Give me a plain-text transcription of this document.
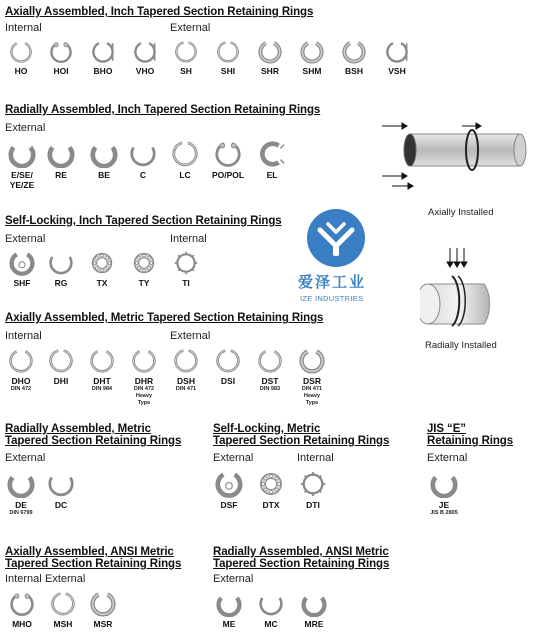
Axially Assembled, Inch Tapered Section Retaining Rings
Internal	External
HO	HOI	BHO	VHO	SH	SHI	SHR	SHM	BSH	VSH
Radially Assembled, Inch Tapered Section Retaining Rings
External
E/SE/
YE/ZE
RE	BE	C	LC	PO/POL	EL
Axially Installed
Self-Locking, Inch Tapered Section Retaining Rings
External	Internal
SHF	RG	TX	TY	TI	爱泽工业
IZE INDUSTRIES
Radially Installed
Axially Assembled, Metric Tapered Section Retaining Rings
Internal	External
DHO
DIN 472
DHI	DHT
DIN 984
DHR
DIN 472
Heavy
Type
DSH
DIN 471
DSI	DST
DIN 983
DSR
DIN 471
Heavy
Type
Radially Assembled, Metric
Tapered Section Retaining Rings
External
DE
DIN 6799
DC
Self-Locking, Metric
Tapered Section Retaining Rings
External	Internal
DSF	DTX	DTI
JIS “E”
Retaining Rings
External
JE
JIS B 2805
Axially Assembled, ANSI Metric
Tapered Section Retaining Rings
Internal External
MHO	MSH	MSR
Radially Assembled, ANSI Metric
Tapered Section Retaining Rings
External
ME	MC	MRE
